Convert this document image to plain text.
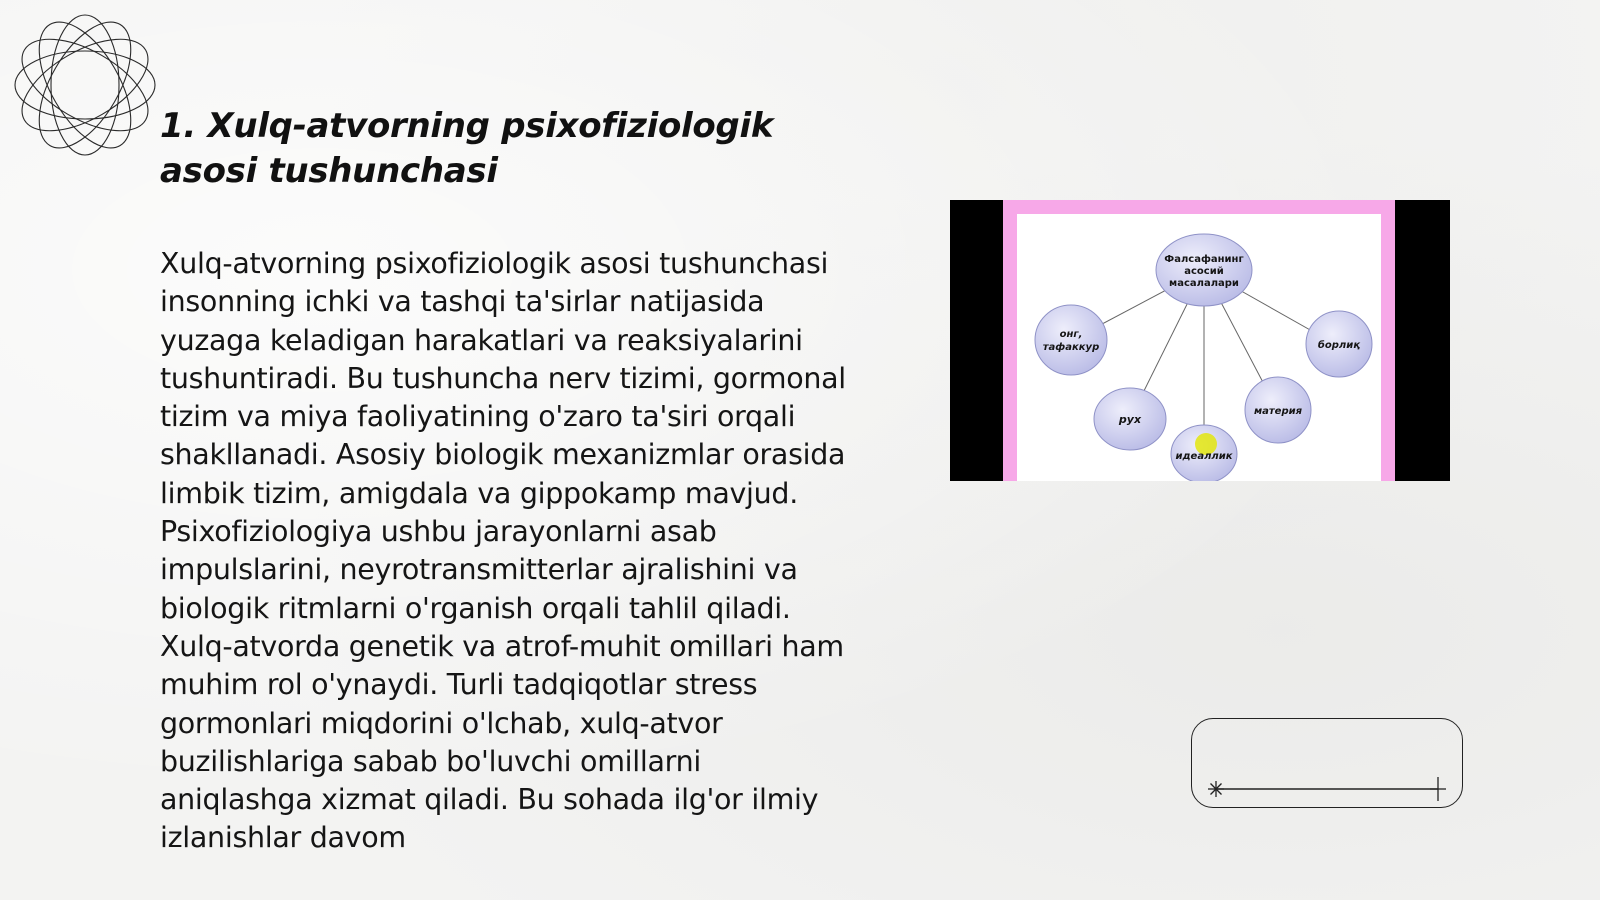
1. Xulq-atvorning psixofiziologik asosi tushunchasi

Xulq-atvorning psixofiziologik asosi tushunchasi insonning ichki va tashqi ta'sirlar natijasida yuzaga keladigan harakatlari va reaksiyalarini tushuntiradi. Bu tushuncha nerv tizimi, gormonal tizim va miya faoliyatining o'zaro ta'siri orqali shakllanadi. Asosiy biologik mexanizmlar orasida limbik tizim, amigdala va gippokamp mavjud. Psixofiziologiya ushbu jarayonlarni asab impulslarini, neyrotransmitterlar ajralishini va biologik ritmlarni o'rganish orqali tahlil qiladi. Xulq-atvorda genetik va atrof-muhit omillari ham muhim rol o'ynaydi. Turli tadqiqotlar stress gormonlari miqdorini o'lchab, xulq-atvor buzilishlariga sabab bo'luvchi omillarni aniqlashga xizmat qiladi. Bu sohada ilg'or ilmiy izlanishlar davom

Фалсафанинг
асосий
масалалари
онг,
тафаккур	борлиқ
рух
материя
идеаллик
